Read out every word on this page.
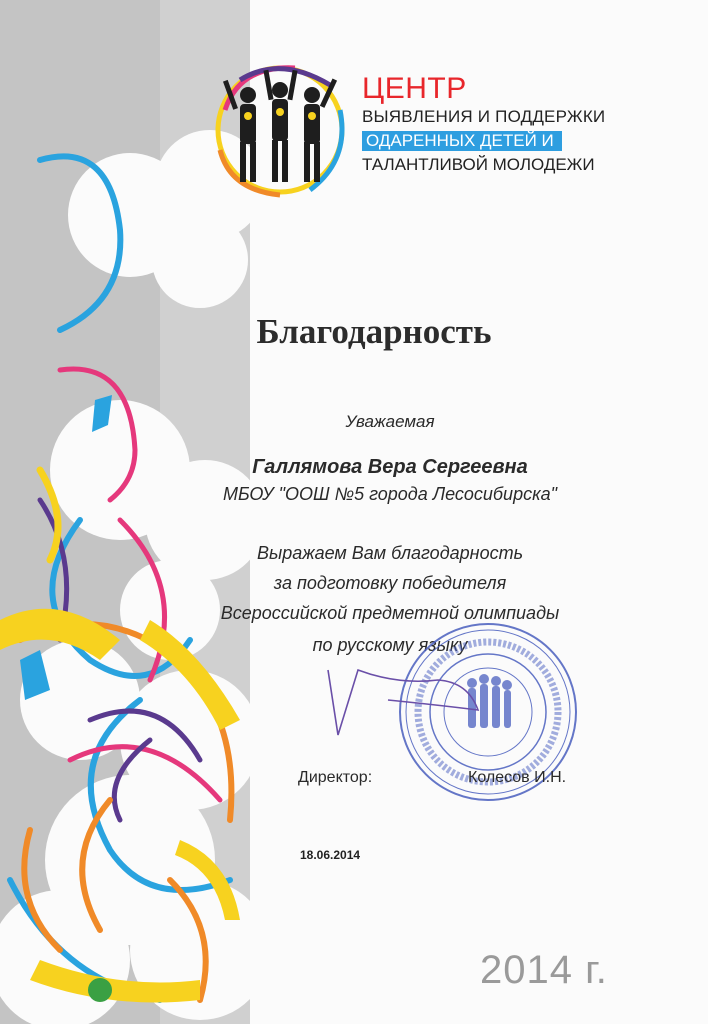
ЦЕНТР
ВЫЯВЛЕНИЯ И ПОДДЕРЖКИ
ОДАРЕННЫХ ДЕТЕЙ И
ТАЛАНТЛИВОЙ МОЛОДЕЖИ
Благодарность
Уважаемая
Галлямова Вера Сергеевна
МБОУ "ООШ №5 города Лесосибирска"
Выражаем Вам благодарность
за подготовку победителя
Всероссийской предметной олимпиады
по русскому языку
Директор:	Колесов И.Н.
18.06.2014
2014 г.
